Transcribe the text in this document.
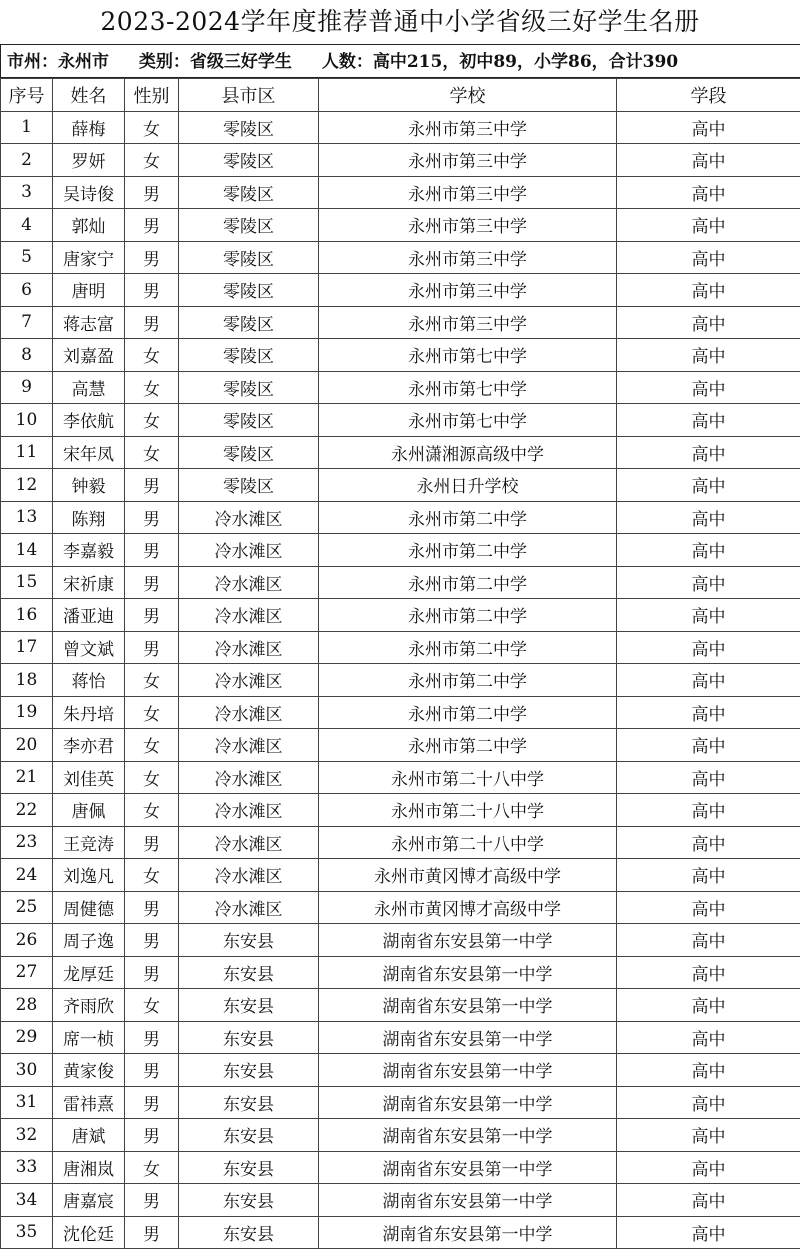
2023-2024学年度推荐普通中小学省级三好学生名册
市州：永州市 类别：省级三好学生 人数：高中215，初中89，小学86，合计390
序号	姓名	性别	县市区	学校	学段
1	薛梅	女	零陵区	永州市第三中学	高中
2	罗妍	女	零陵区	永州市第三中学	高中
3	吴诗俊	男	零陵区	永州市第三中学	高中
4	郭灿	男	零陵区	永州市第三中学	高中
5	唐家宁	男	零陵区	永州市第三中学	高中
6	唐明	男	零陵区	永州市第三中学	高中
7	蒋志富	男	零陵区	永州市第三中学	高中
8	刘嘉盈	女	零陵区	永州市第七中学	高中
9	高慧	女	零陵区	永州市第七中学	高中
10	李依航	女	零陵区	永州市第七中学	高中
11	宋年凤	女	零陵区	永州潇湘源高级中学	高中
12	钟毅	男	零陵区	永州日升学校	高中
13	陈翔	男	冷水滩区	永州市第二中学	高中
14	李嘉毅	男	冷水滩区	永州市第二中学	高中
15	宋祈康	男	冷水滩区	永州市第二中学	高中
16	潘亚迪	男	冷水滩区	永州市第二中学	高中
17	曾文斌	男	冷水滩区	永州市第二中学	高中
18	蒋怡	女	冷水滩区	永州市第二中学	高中
19	朱丹培	女	冷水滩区	永州市第二中学	高中
20	李亦君	女	冷水滩区	永州市第二中学	高中
21	刘佳英	女	冷水滩区	永州市第二十八中学	高中
22	唐佩	女	冷水滩区	永州市第二十八中学	高中
23	王竞涛	男	冷水滩区	永州市第二十八中学	高中
24	刘逸凡	女	冷水滩区	永州市黄冈博才高级中学	高中
25	周健德	男	冷水滩区	永州市黄冈博才高级中学	高中
26	周子逸	男	东安县	湖南省东安县第一中学	高中
27	龙厚廷	男	东安县	湖南省东安县第一中学	高中
28	齐雨欣	女	东安县	湖南省东安县第一中学	高中
29	席一桢	男	东安县	湖南省东安县第一中学	高中
30	黄家俊	男	东安县	湖南省东安县第一中学	高中
31	雷祎熹	男	东安县	湖南省东安县第一中学	高中
32	唐斌	男	东安县	湖南省东安县第一中学	高中
33	唐湘岚	女	东安县	湖南省东安县第一中学	高中
34	唐嘉宸	男	东安县	湖南省东安县第一中学	高中
35	沈伦廷	男	东安县	湖南省东安县第一中学	高中
